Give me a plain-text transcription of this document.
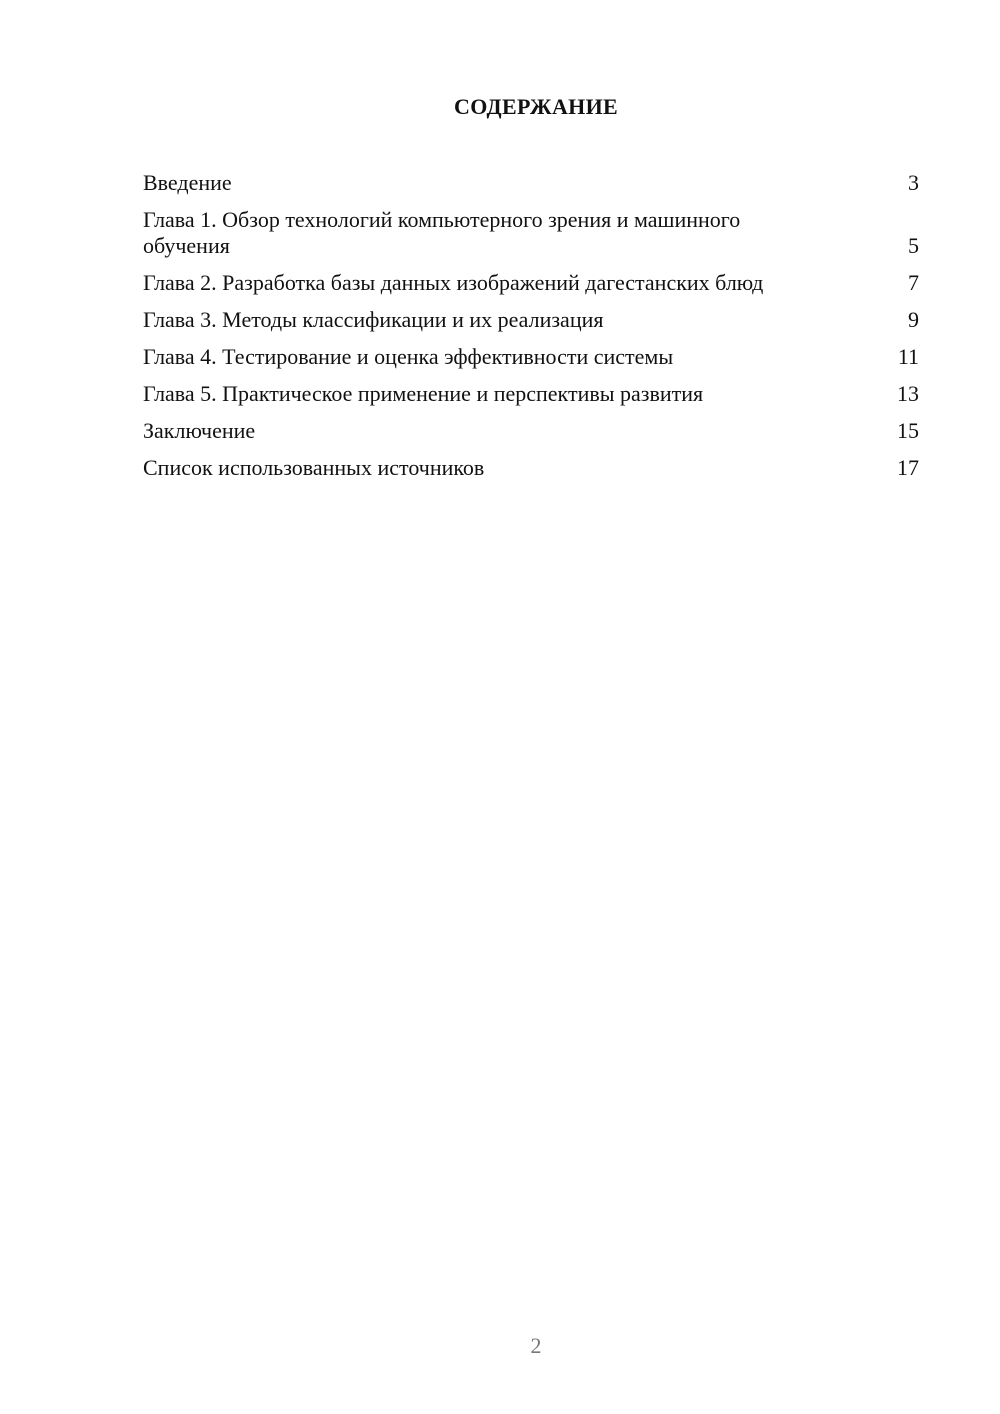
СОДЕРЖАНИЕ
Введение	3
Глава 1. Обзор технологий компьютерного зрения и машинного обучения	5
Глава 2. Разработка базы данных изображений дагестанских блюд	7
Глава 3. Методы классификации и их реализация	9
Глава 4. Тестирование и оценка эффективности системы	11
Глава 5. Практическое применение и перспективы развития	13
Заключение	15
Список использованных источников	17
2
